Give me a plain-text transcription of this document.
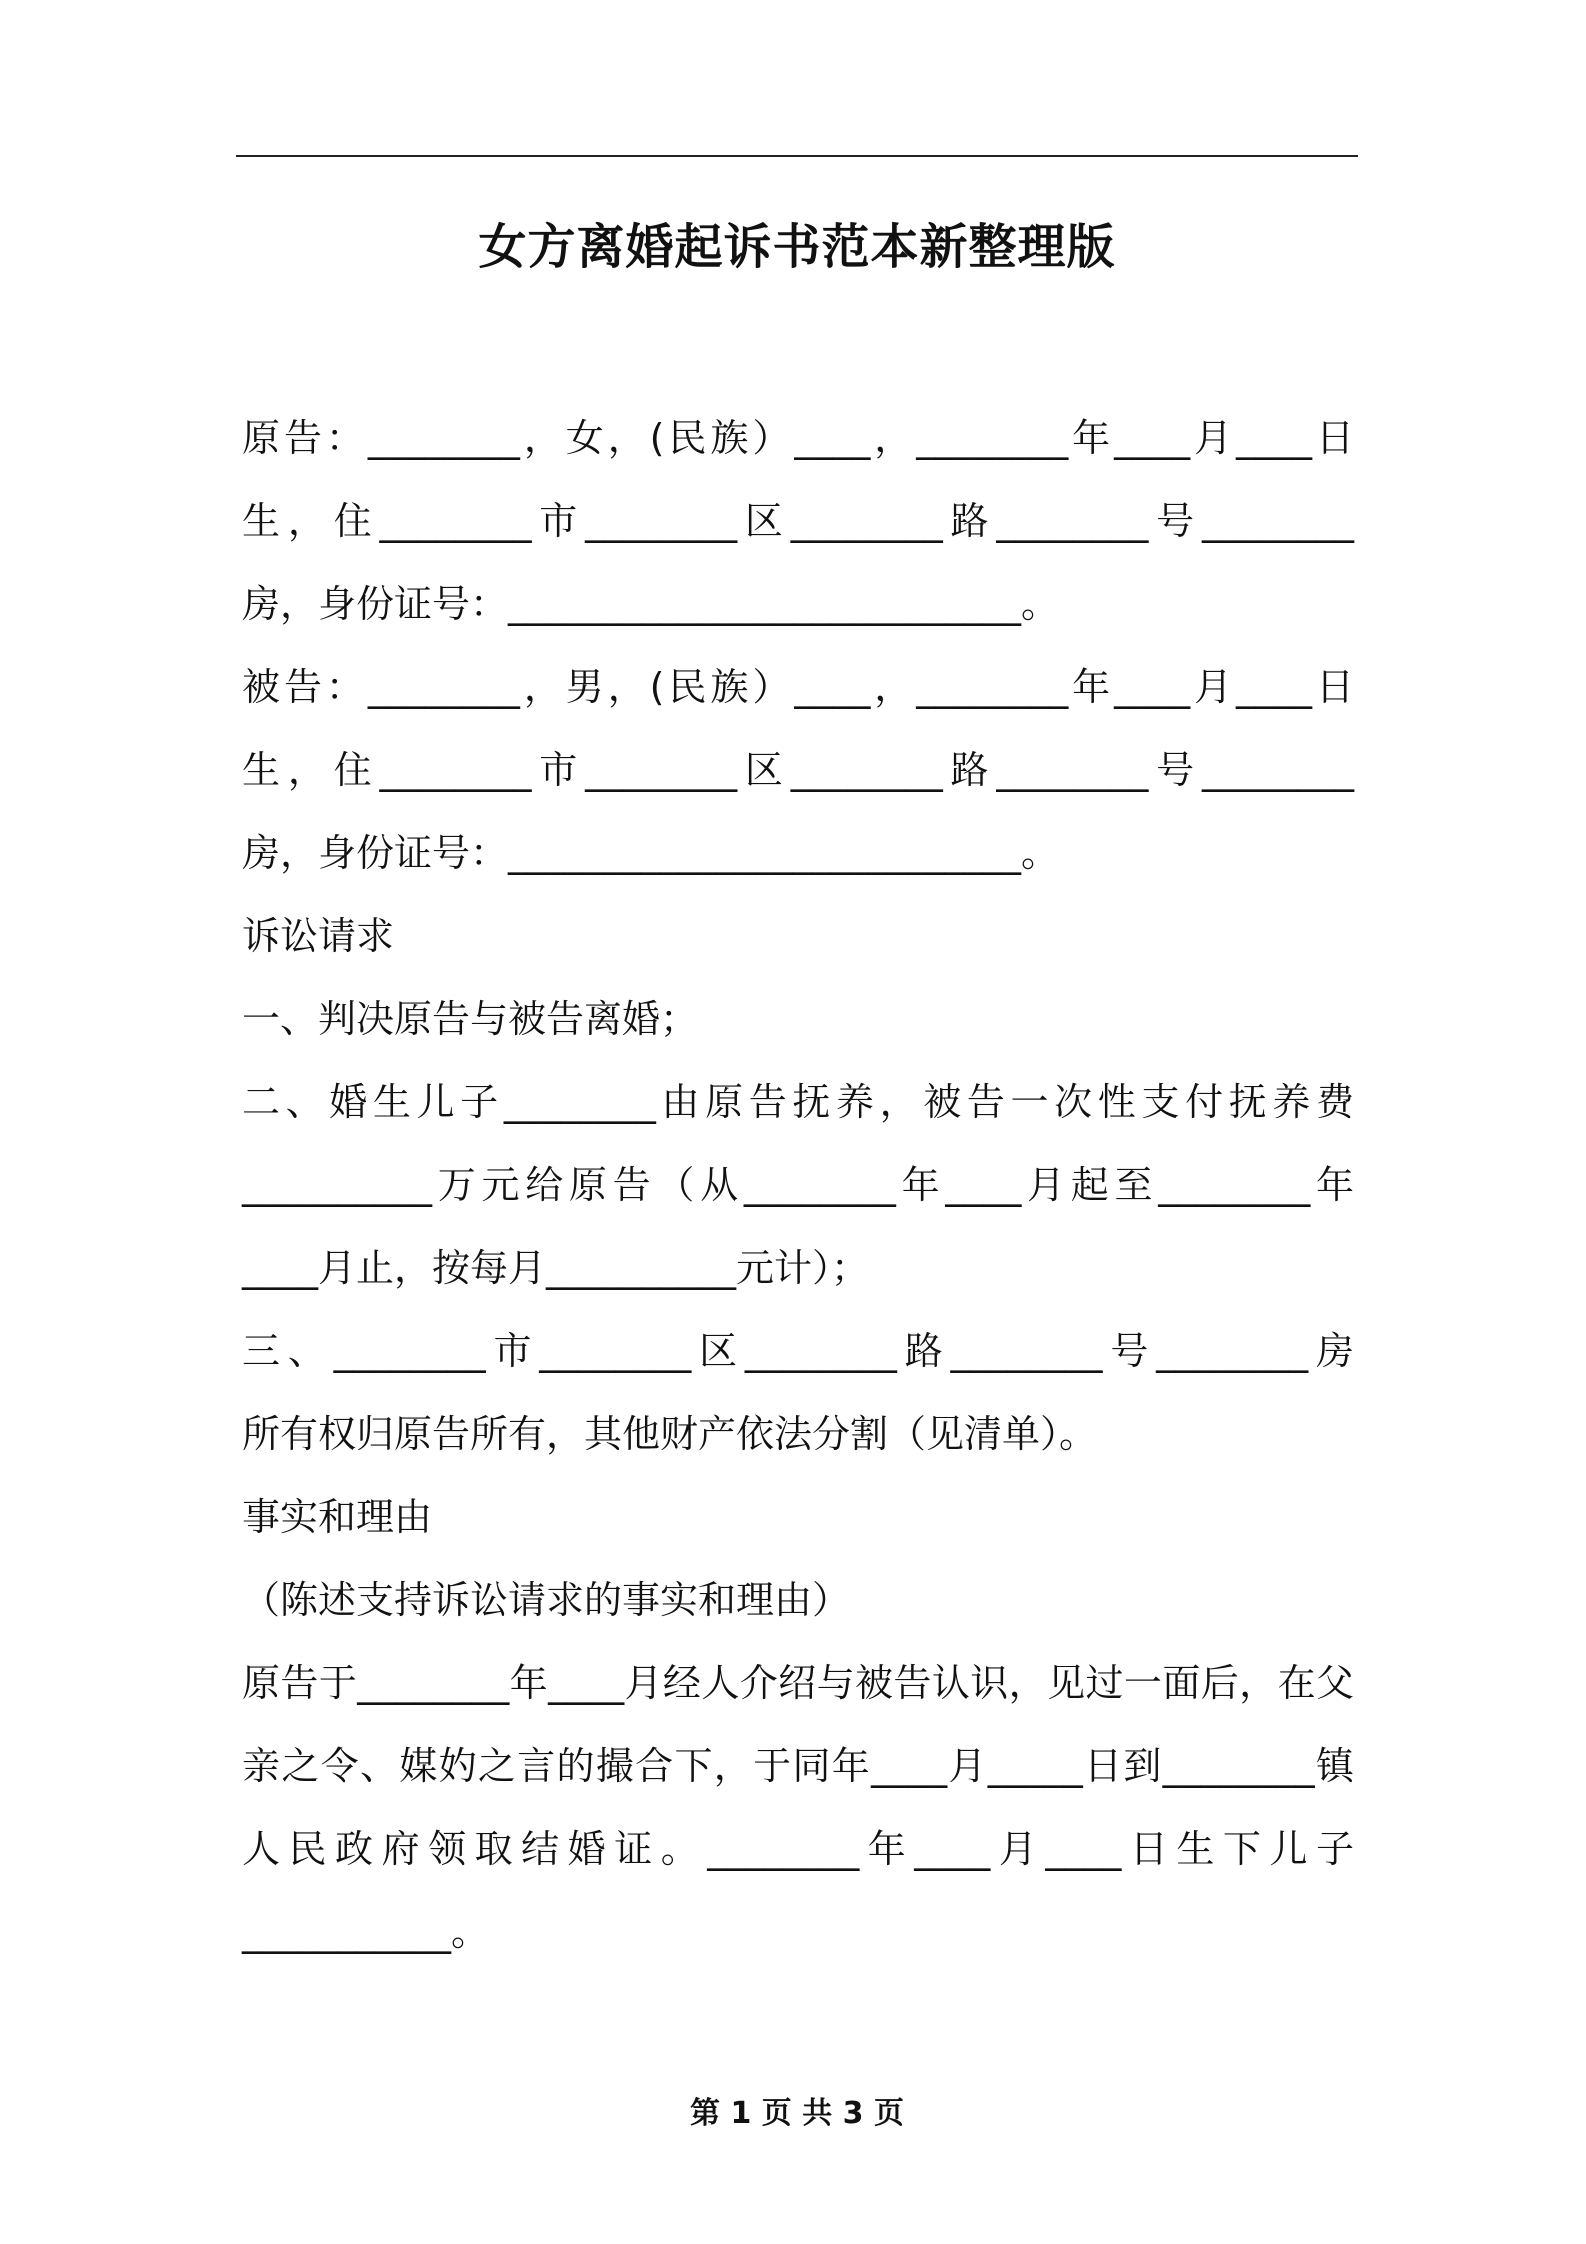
女方离婚起诉书范本新整理版

原告：________，女，(民族）____，________年____月____日

生，住________市________区________路________号________

房，身份证号：___________________________。

被告：________，男，(民族）____，________年____月____日

生，住________市________区________路________号________

房，身份证号：___________________________。

诉讼请求

一、判决原告与被告离婚；

二、婚生儿子________由原告抚养，被告一次性支付抚养费

__________万元给原告（从________年____月起至________年

____月止，按每月__________元计）；

三、________市________区________路________号________房

所有权归原告所有，其他财产依法分割（见清单）。

事实和理由

（陈述支持诉讼请求的事实和理由）

原告于________年____月经人介绍与被告认识，见过一面后，在父

亲之令、媒妁之言的撮合下，于同年____月_____日到________镇

人民政府领取结婚证。________年____月____日生下儿子

___________。

第 1 页 共 3 页
